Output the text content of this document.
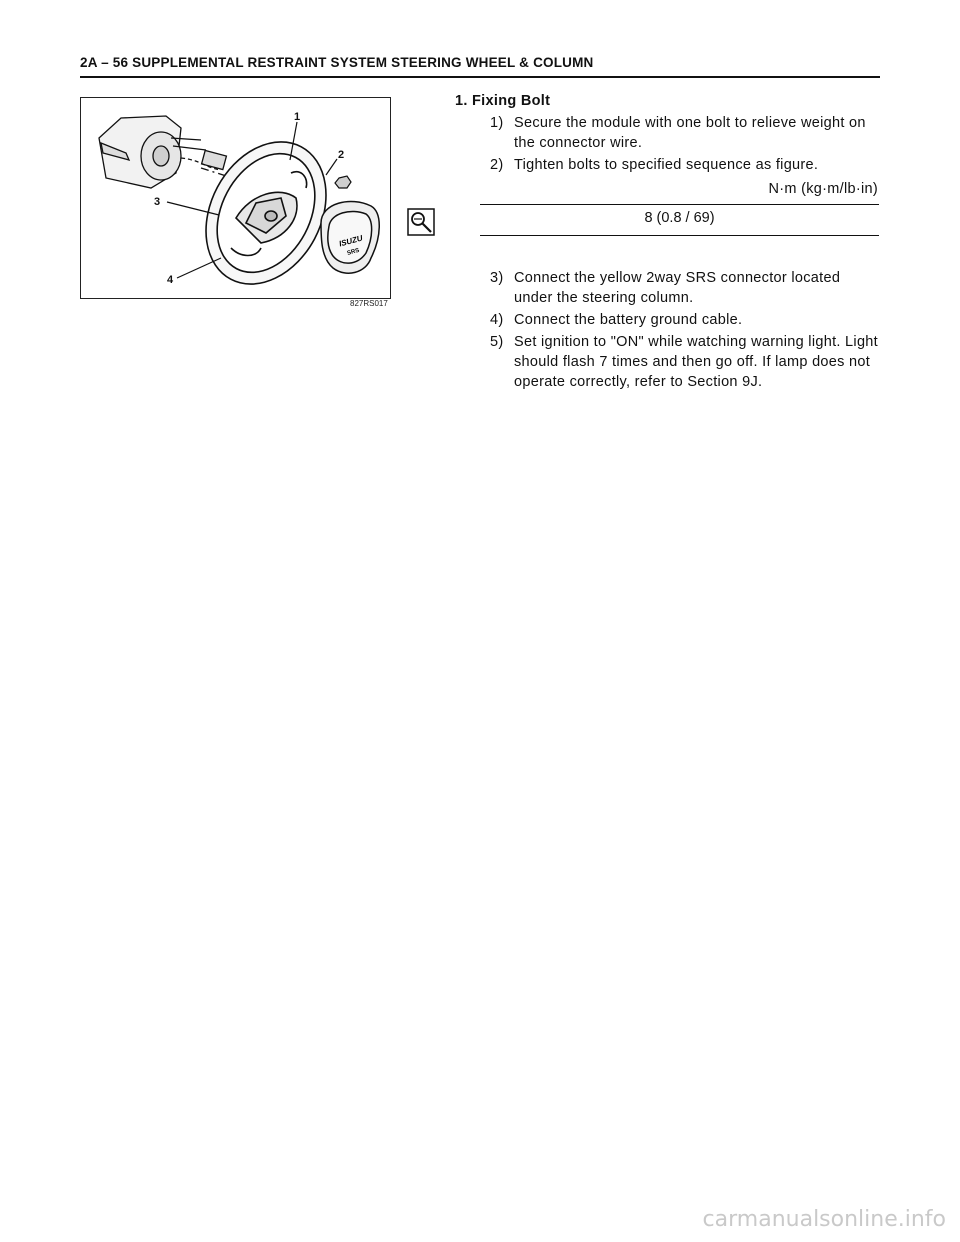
2A – 56 SUPPLEMENTAL RESTRAINT SYSTEM STEERING WHEEL & COLUMN
ISUZU
SRS
1
2
3
4
827RS017
1. Fixing Bolt
1) Secure the module with one bolt to relieve weight on the connector wire.
2) Tighten bolts to specified sequence as figure.
N·m (kg·m/lb·in)
8 (0.8 / 69)
3) Connect the yellow 2way SRS connector located under the steering column.
4) Connect the battery ground cable.
5) Set ignition to "ON" while watching warning light. Light should flash 7 times and then go off. If lamp does not operate correctly, refer to Section 9J.
carmanualsonline.info
